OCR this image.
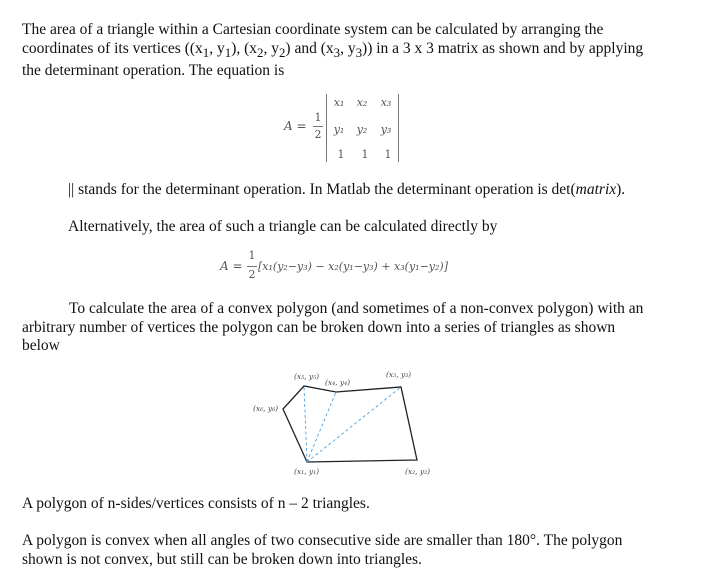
The area of a triangle within a Cartesian coordinate system can be calculated by arranging the
coordinates of its vertices (($x_1$, $y_1$), ($x_2$, $y_2$) and ($x_3$, $y_3$)) in a 3 x 3 matrix as shown and by applying
the determinant operation. The equation is

A =
1
2
x₁	x₂	x₃
y₁	y₂	y₃
1	1	1

|| stands for the determinant operation. In Matlab the determinant operation is det(matrix).

Alternatively, the area of such a triangle can be calculated directly by

A =
1
2
[x₁(y₂−y₃) − x₂(y₁−y₃) + x₃(y₁−y₂)]

To calculate the area of a convex polygon (and sometimes of a non-convex polygon) with an
arbitrary number of vertices the polygon can be broken down into a series of triangles as shown
below

(x₅, y₅)
(x₄, y₄)
(x₃, y₃)
(x₆, y₆)
(x₁, y₁)	(x₂, y₂)

A polygon of n-sides/vertices consists of n – 2 triangles.

A polygon is convex when all angles of two consecutive side are smaller than 180°. The polygon
shown is not convex, but still can be broken down into triangles.
